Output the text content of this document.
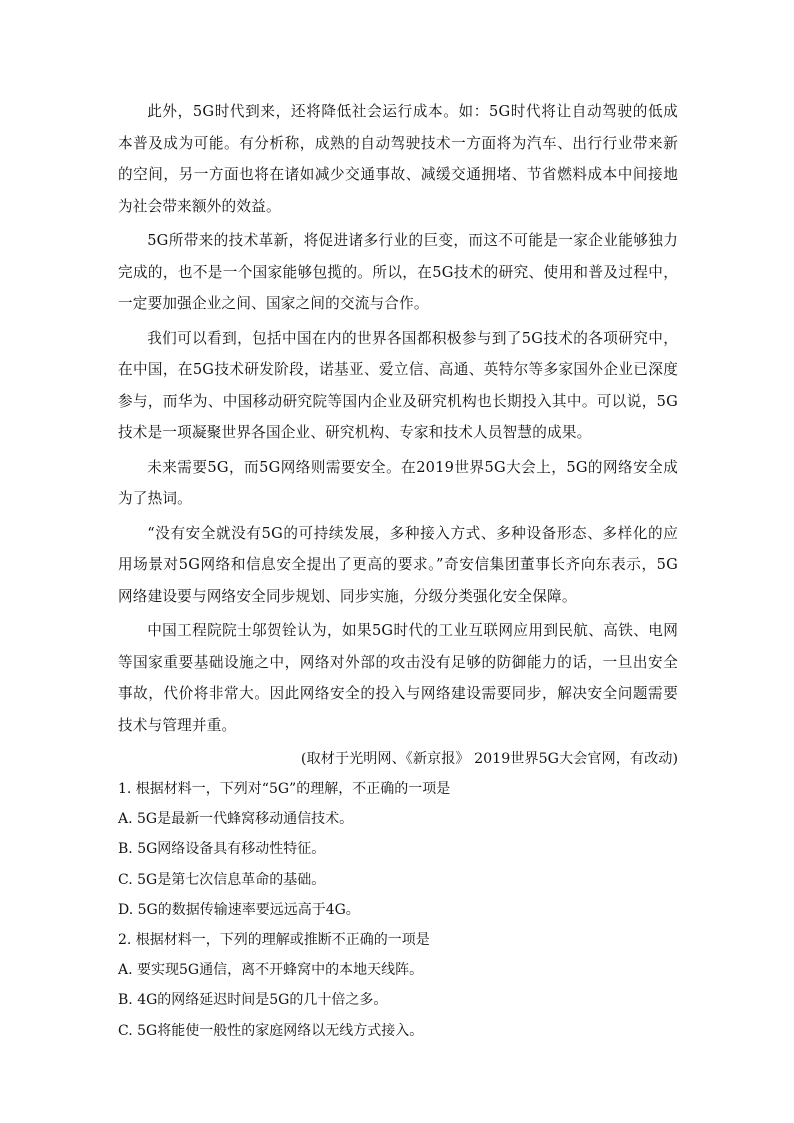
此外，5G时代到来，还将降低社会运行成本。如：5G时代将让自动驾驶的低成本普及成为可能。有分析称，成熟的自动驾驶技术一方面将为汽车、出行行业带来新的空间，另一方面也将在诸如减少交通事故、减缓交通拥堵、节省燃料成本中间接地为社会带来额外的效益。

5G所带来的技术革新，将促进诸多行业的巨变，而这不可能是一家企业能够独力完成的，也不是一个国家能够包揽的。所以，在5G技术的研究、使用和普及过程中，一定要加强企业之间、国家之间的交流与合作。

我们可以看到，包括中国在内的世界各国都积极参与到了5G技术的各项研究中，在中国，在5G技术研发阶段，诺基亚、爱立信、高通、英特尔等多家国外企业已深度参与，而华为、中国移动研究院等国内企业及研究机构也长期投入其中。可以说，5G技术是一项凝聚世界各国企业、研究机构、专家和技术人员智慧的成果。

未来需要5G，而5G网络则需要安全。在2019世界5G大会上，5G的网络安全成为了热词。

“没有安全就没有5G的可持续发展，多种接入方式、多种设备形态、多样化的应用场景对5G网络和信息安全提出了更高的要求。”奇安信集团董事长齐向东表示，5G网络建设要与网络安全同步规划、同步实施，分级分类强化安全保障。

中国工程院院士邬贺铨认为，如果5G时代的工业互联网应用到民航、高铁、电网等国家重要基础设施之中，网络对外部的攻击没有足够的防御能力的话，一旦出安全事故，代价将非常大。因此网络安全的投入与网络建设需要同步，解决安全问题需要技术与管理并重。

(取材于光明网、《新京报》 2019世界5G大会官网，有改动)

1. 根据材料一，下列对“5G”的理解，不正确的一项是

A. 5G是最新一代蜂窝移动通信技术。

B. 5G网络设备具有移动性特征。

C. 5G是第七次信息革命的基础。

D. 5G的数据传输速率要远远高于4G。

2. 根据材料一，下列的理解或推断不正确的一项是

A. 要实现5G通信，离不开蜂窝中的本地天线阵。

B. 4G的网络延迟时间是5G的几十倍之多。

C. 5G将能使一般性的家庭网络以无线方式接入。
